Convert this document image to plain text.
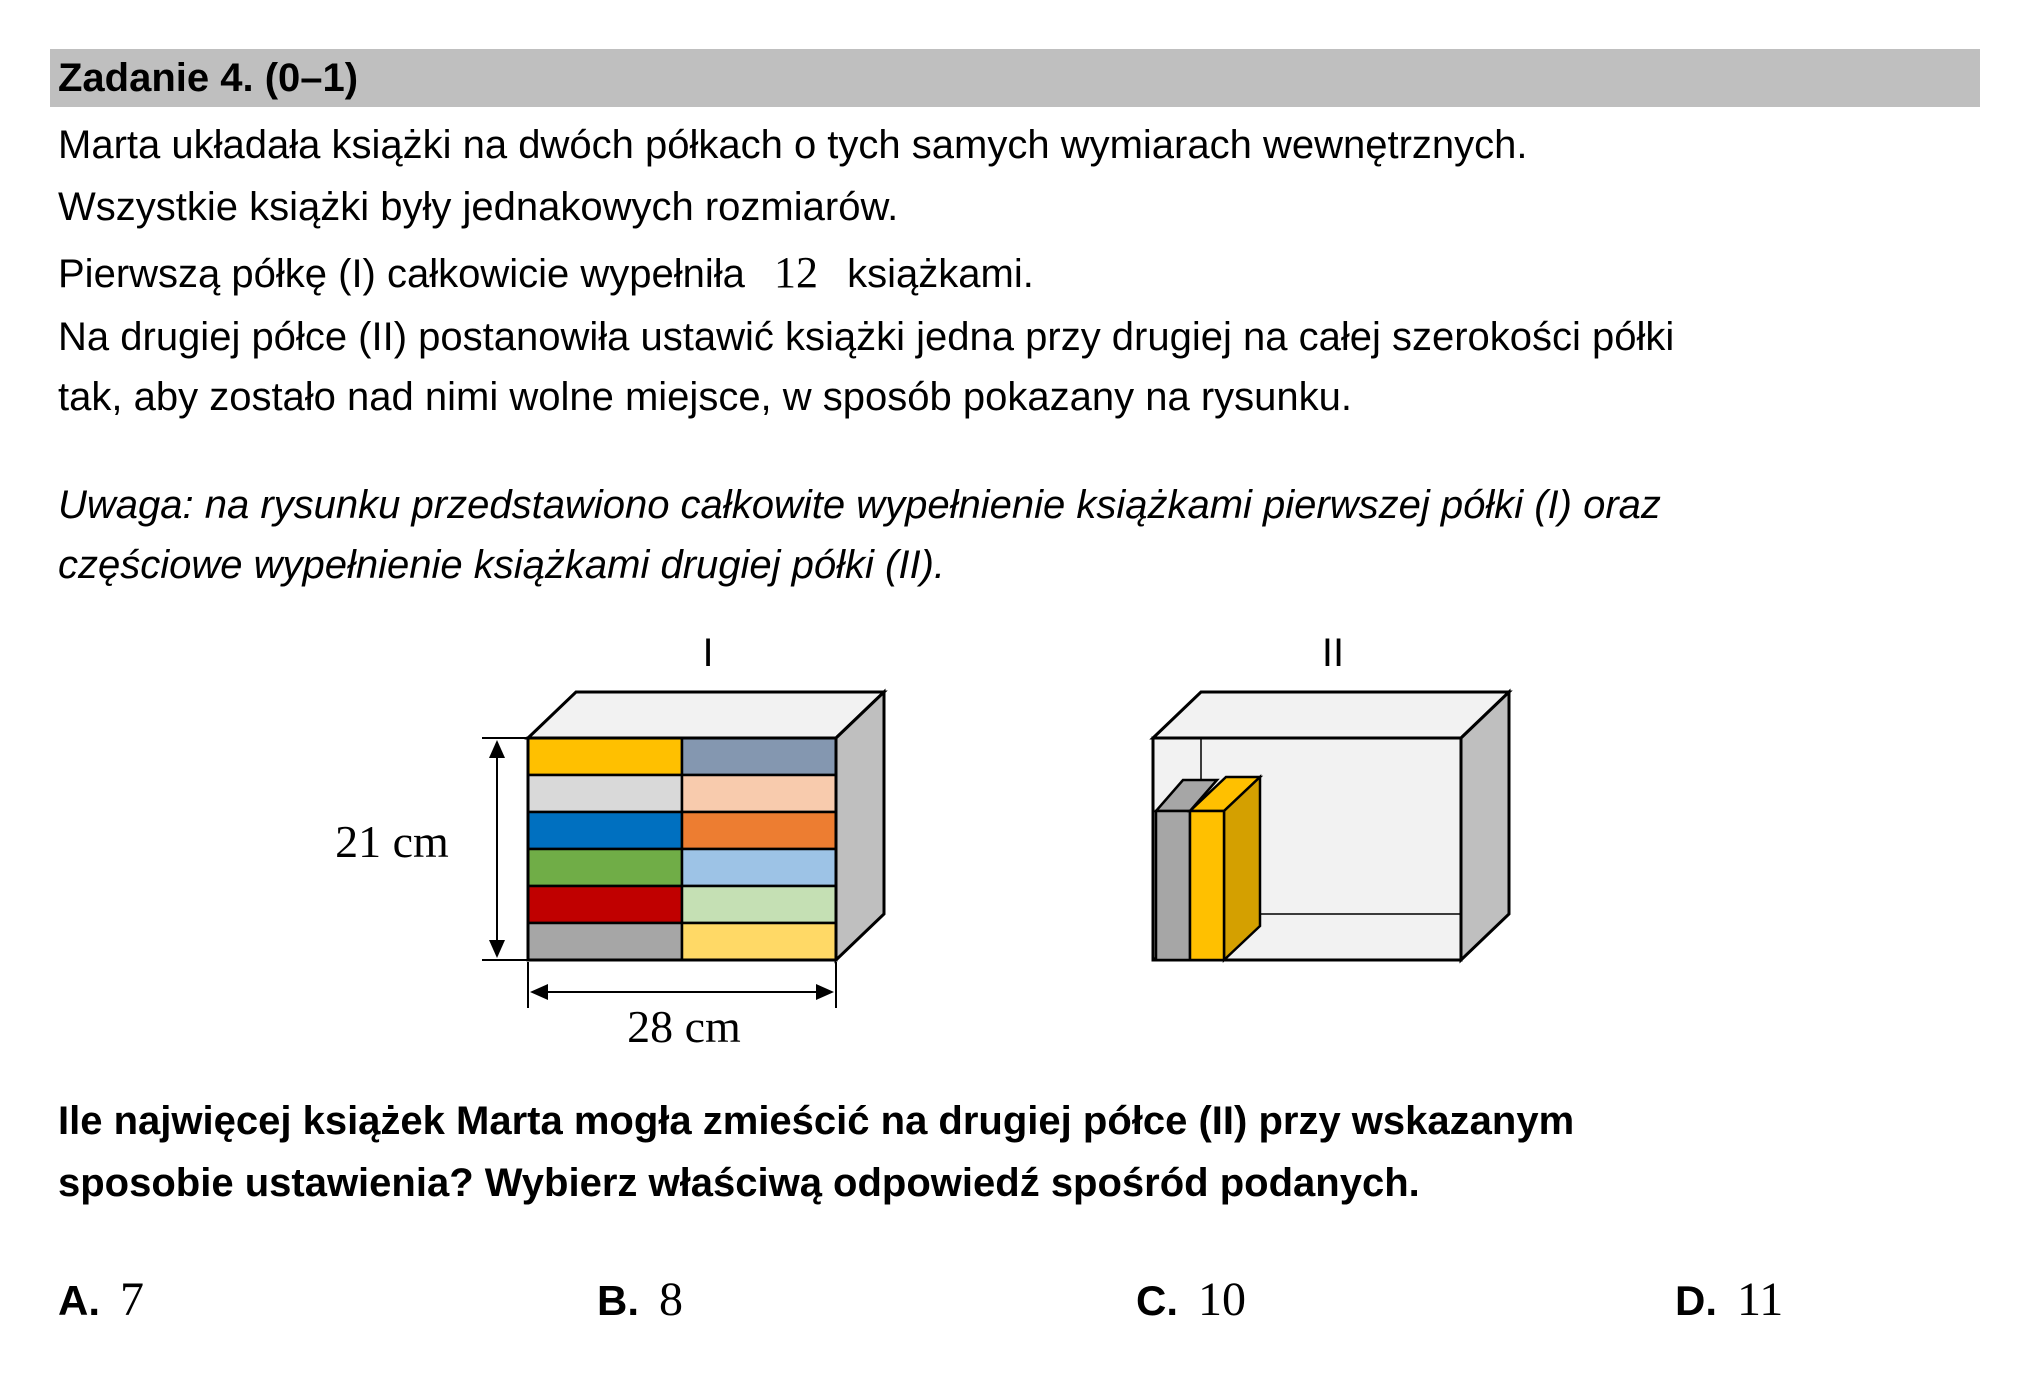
Zadanie 4. (0–1)
Marta układała książki na dwóch półkach o tych samych wymiarach wewnętrznych.
Wszystkie książki były jednakowych rozmiarów.
Pierwszą półkę (I) całkowicie wypełniła 12 książkami.
Na drugiej półce (II) postanowiła ustawić książki jedna przy drugiej na całej szerokości półki
tak, aby zostało nad nimi wolne miejsce, w sposób pokazany na rysunku.
Uwaga: na rysunku przedstawiono całkowite wypełnienie książkami pierwszej półki (I) oraz
częściowe wypełnienie książkami drugiej półki (II).
I	II
21 cm
28 cm
Ile najwięcej książek Marta mogła zmieścić na drugiej półce (II) przy wskazanym
sposobie ustawienia? Wybierz właściwą odpowiedź spośród podanych.
A. 7	B. 8	C. 10	D. 11
